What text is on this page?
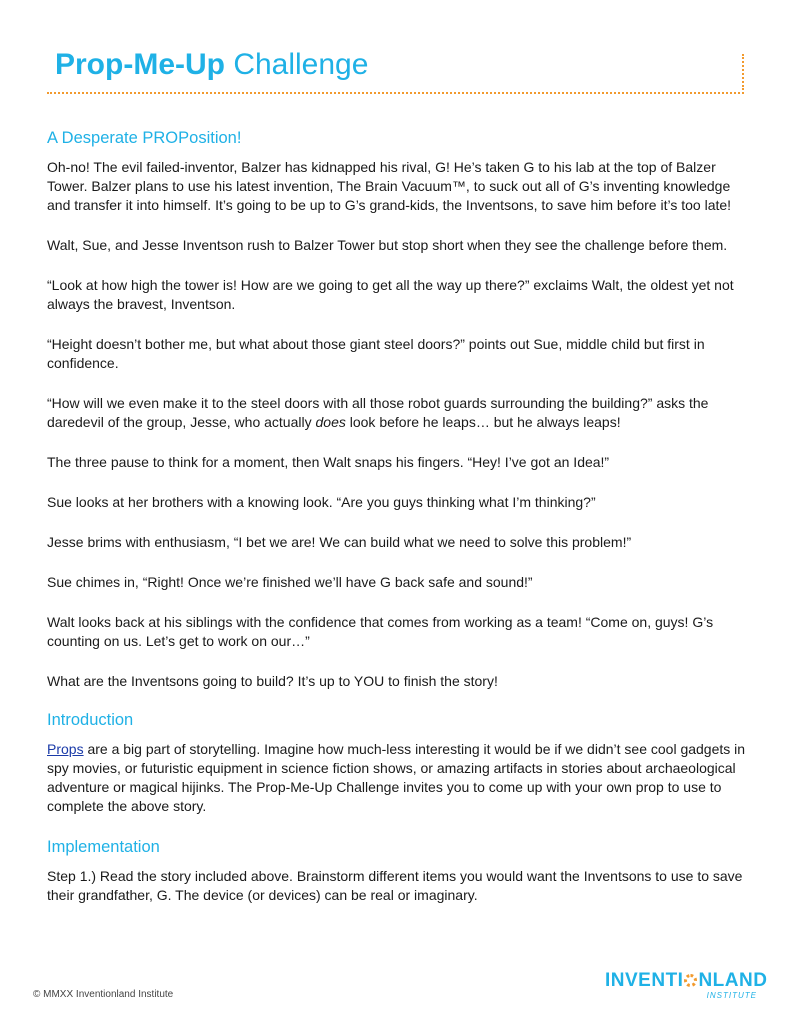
Prop-Me-Up Challenge
A Desperate PROPosition!

Oh-no! The evil failed-inventor, Balzer has kidnapped his rival, G! He’s taken G to his lab at the top of Balzer Tower. Balzer plans to use his latest invention, The Brain Vacuum™, to suck out all of G’s inventing knowledge and transfer it into himself. It’s going to be up to G’s grand-kids, the Inventsons, to save him before it’s too late!

Walt, Sue, and Jesse Inventson rush to Balzer Tower but stop short when they see the challenge before them.

“Look at how high the tower is! How are we going to get all the way up there?” exclaims Walt, the oldest yet not always the bravest, Inventson.

“Height doesn’t bother me, but what about those giant steel doors?” points out Sue, middle child but first in confidence.

“How will we even make it to the steel doors with all those robot guards surrounding the building?” asks the daredevil of the group, Jesse, who actually does look before he leaps… but he always leaps!

The three pause to think for a moment, then Walt snaps his fingers. “Hey! I’ve got an Idea!”

Sue looks at her brothers with a knowing look. “Are you guys thinking what I’m thinking?”

Jesse brims with enthusiasm, “I bet we are! We can build what we need to solve this problem!”

Sue chimes in, “Right! Once we’re finished we’ll have G back safe and sound!”

Walt looks back at his siblings with the confidence that comes from working as a team! “Come on, guys! G’s counting on us. Let’s get to work on our…”

What are the Inventsons going to build? It’s up to YOU to finish the story!

Introduction

Props are a big part of storytelling. Imagine how much-less interesting it would be if we didn’t see cool gadgets in spy movies, or futuristic equipment in science fiction shows, or amazing artifacts in stories about archaeological adventure or magical hijinks. The Prop-Me-Up Challenge invites you to come up with your own prop to use to complete the above story.

Implementation

Step 1.) Read the story included above. Brainstorm different items you would want the Inventsons to use to save their grandfather, G. The device (or devices) can be real or imaginary.

© MMXX Inventionland Institute
INVENTI NLAND
INSTITUTE
